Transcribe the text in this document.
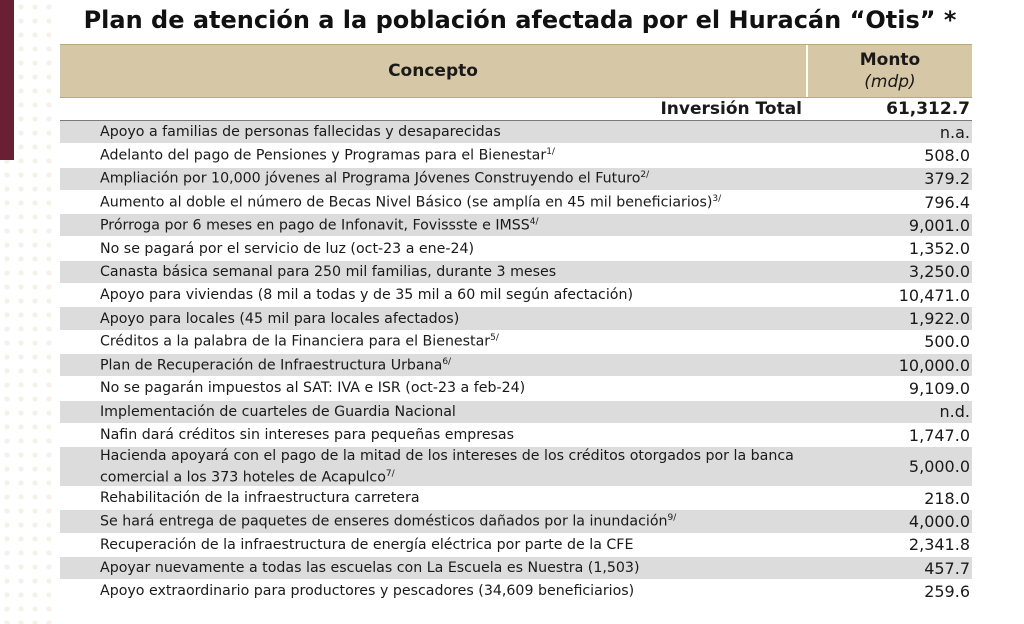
Plan de atención a la población afectada por el Huracán “Otis” *
Concepto
Monto
(mdp)
Inversión Total	61,312.7
Apoyo a familias de personas fallecidas y desaparecidas	n.a.
Adelanto del pago de Pensiones y Programas para el Bienestar$^{1/}$	508.0
Ampliación por 10,000 jóvenes al Programa Jóvenes Construyendo el Futuro$^{2/}$	379.2
Aumento al doble el número de Becas Nivel Básico (se amplía en 45 mil beneficiarios)$^{3/}$	796.4
Prórroga por 6 meses en pago de Infonavit, Fovissste e $IMSS^{4/}$	9,001.0
No se pagará por el servicio de luz (oct-23 a ene-24)	1,352.0
Canasta básica semanal para 250 mil familias, durante 3 meses	3,250.0
Apoyo para viviendas (8 mil a todas y de 35 mil a 60 mil según afectación)	10,471.0
Apoyo para locales (45 mil para locales afectados)	1,922.0
Créditos a la palabra de la Financiera para el Bienestar$^{5/}$	500.0
Plan de Recuperación de Infraestructura Urbana$^{6/}$	10,000.0
No se pagarán impuestos al SAT: IVA e ISR (oct-23 a feb-24)	9,109.0
Implementación de cuarteles de Guardia Nacional	n.d.
Nafin dará créditos sin intereses para pequeñas empresas	1,747.0
Hacienda apoyará con el pago de la mitad de los intereses de los créditos otorgados por la banca comercial a los 373 hoteles de Acapulco$^{7/}$	5,000.0
Rehabilitación de la infraestructura carretera	218.0
Se hará entrega de paquetes de enseres domésticos dañados por la inundación$^{9/}$	4,000.0
Recuperación de la infraestructura de energía eléctrica por parte de la CFE	2,341.8
Apoyar nuevamente a todas las escuelas con La Escuela es Nuestra (1,503)	457.7
Apoyo extraordinario para productores y pescadores (34,609 beneficiarios)	259.6
